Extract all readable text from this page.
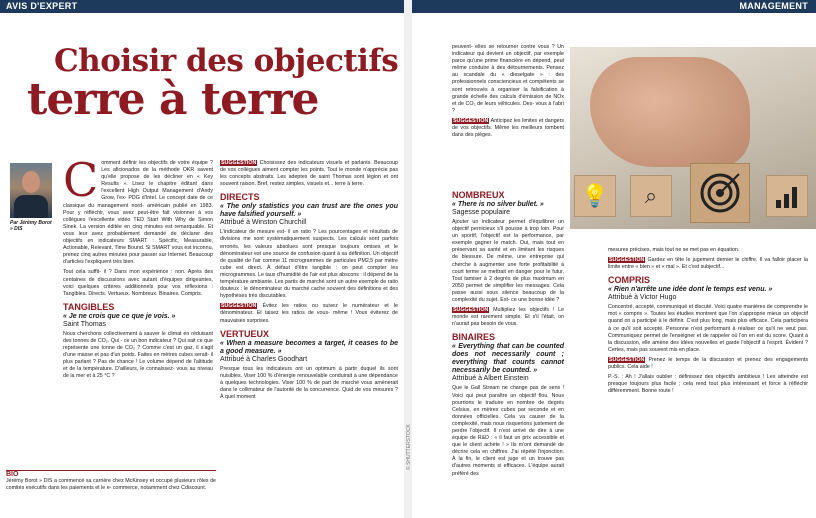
AVIS D'EXPERT	MANAGEMENT
Choisir des objectifs
terre à terre
Par Jérémy Borot » DIS

Comment définir les objectifs de votre équipe ? Les aficionados de la méthode OKR savent qu'elle propose de les décliner en « Key Results ». Lisez le chapitre éditant dans l'excellent High Output Management d'Andy Grow, l'ex- PDG d'Intel. Le concept date de ce classique du management nord- américain publié en 1983. Pour y réfléchir, vous avez peut-être fait visionner à vos collègues l'excellente vidéo TED Start With Why de Simon Sinek. La version éditée en cinq minutes est remarquable. Et vous leur avez probablement demandé de déclarer des objectifs en indicateurs SMART : Spécific, Measurable, Actionable, Relevant, Time Bound. Si SMART vous est inconnu, prenez cinq autres minutes pour passer sur Internet. Beaucoup d'articles l'expliquent très bien.

Tout cela suffit- il ? Dans mon expérience : non. Après des centaines de discussions avec autant d'équipes dirigeantes, voici quelques critères additionnels pour vos réflexions : Tangibles. Directs. Vertueux. Nombreux. Binaires. Compris.

TANGIBLES
« Je ne crois que ce que je vois. »
Saint Thomas

Nous cherchons collectivement à sauver le climat en réduisant des tonnes de CO₂. Qui - ce un bon indicateur ? Qui sait ce que représente une tonne de CO₂ ? Comme c'est un gaz, il s'agit d'une masse et pas d'un poids. Faites en mètres cubes serait- il plus parlant ? Pas de chance ! Le volume dépend de l'altitude et de la température. D'ailleurs, le connaissez- vous au niveau de la mer et à 25 °C ?

BIO
Jérémy Borot » DIS a commencé sa carrière chez McKinsey et occupé plusieurs rôles de comités exécutifs dans les paiements et le e- commerce, notamment chez Cdiscount.

SUGGESTION Choisissez des indicateurs visuels et parlants. Beaucoup de vos collègues aiment compter les points. Tout le monde n'apprécie pas les concepts abstraits. Les adeptes de saint Thomas sont légion et ont souvent raison. Bref, restez simples, visuels et... terre à terre.

DIRECTS
« The only statistics you can trust are the ones you have falsified yourself. »
Attribué à Winston Churchill

L'indicateur de mesure est- il un ratio ? Les pourcentages et résultats de divisions me sont systématiquement suspects. Les calculs sont parfois erronés, les valeurs absolues sont presque toujours omises et le dénominateur est une source de confusion quant à sa définition. Un objectif de qualité de l'air comme 11 microgrammes de particules PM2,5 par mètre cube est direct. À défaut d'être tangible : on peut compter les microgrammes. Le taux d'humidité de l'air est plus abscons : il dépend de la température ambiante. Les partis de marché sont un autre exemple de ratio douteux : le dénominateur du marché cache souvent des définitions et des hypothèses très discutables.

SUGGESTION Évitez les ratios ou suivez le numérateur et le dénominateur. Et taisez les ratios de vous- même ! Vous éviterez de mauvaises surprises.

VERTUEUX
« When a measure becomes a target, it ceases to be a good measure. »
Attribué à Charles Goodhart

Presque tous les indicateurs ont un optimum à partir duquel ils sont nuisibles. Viser 100 % d'énergie renouvelable conduirait à une dépendance à quelques technologies. Viser 100 % de part de marché vous amènerait dans le collimateur de l'autorité de la concurrence. Quid de vos mesures ? À quel moment

© SHUTTERSTOCK

peuvent- elles se retourner contre vous ? Un indicateur qui devient un objectif, par exemple parce qu'une prime financière en dépend, peut même conduire à des détournements. Pensez au scandale du « dieselgate » : des professionnels consciencieux et compétents se sont retrouvés à organiser la falsification à grande échelle des calculs d'émission de NOx et de CO₂ de leurs véhicules. Des- vous à l'abri ?

SUGGESTION Anticipez les limites et dangers de vos objectifs. Même les meilleurs tombent dans des pièges.

💡	⌕
NOMBREUX
« There is no silver bullet. »
Sagesse populaire

Ajouter un indicateur permet d'équilibrer un objectif pernicieux s'il pousse à trop loin. Pour un sportif, l'objectif est la performance, par exemple gagner le match. Oui, mais tout en préservant sa santé et en limitant les risques de blessure. De même, une entreprise qui cherche à augmenter une forte profitabilité à court terme se mettrait en danger pour le futur. Tout tamiser à 2 degrés de plus maximum en 2050 permet de simplifier les messages. Cela passe aussi sous silence beaucoup de la complexité du sujet. Est- ce une bonne idée ?

SUGGESTION Multipliez les objectifs ! Le monde est rarement simple. Et s'il l'était, on n'aurait pas besoin de vous.

BINAIRES
« Everything that can be counted does not necessarily count ; everything that counts cannot necessarily be counted. »
Attribué à Albert Einstein

Que le Gall Stream ne change pas de sens ! Voici qui peut paraître un objectif flou. Nous pourrions le traduire en nombre de degrés Celsius, en mètres cubes par seconde et en données officielles. Cela va causer de la complexité, mais nous risquerions justement de perdre l'objectif. Il n'est arrivé de dire à une équipe de R&D : « il faut un prix accessible et que le client achète ! » Ils m'ont demandé de décrire cela en chiffres. J'ai répété l'injonction. À la fin, le client est juge et un trouve pas d'autres moments si efficaces. L'équipe aurait préféré des

mesures précises, mais tout ne se met pas en équation.

SUGGESTION Gardez en tête le jugement dernier le chiffre. Il va falloir placer la limite entre « bien » et « mal ». Et c'est subjectif...

COMPRIS
« Rien n'arrête une idée dont le temps est venu. »
Attribué à Victor Hugo

Concentré, accepté, communiqué et discuté. Voici quatre manières de comprendre le mot « compris ». Toutes les étudies montrent que l'on s'approprie mieux un objectif quand on a participé à le définir. C'est plus long, mais plus efficace. Cela participera à ce qu'il soit accepté. Personne n'est performant à réaliser ce qu'il ne veut pas. Communiquez permet de l'enseigner et de rappeler où l'on en est du score. Quant à la discussion, elle amène des idées nouvelles et garde l'objectif à l'esprit. Évident ? Certes, mais pas souvent mis en place.

SUGGESTION Prenez le temps de la discussion et prenez des engagements publics. Cela aide !

P.-S. : Ah ! J'allais oublier : définissez des objectifs ambitieux ! Les atteindre est presque toujours plus facile ; cela rend tout plus intéressant et force à réfléchir différemment. Bonne route !
